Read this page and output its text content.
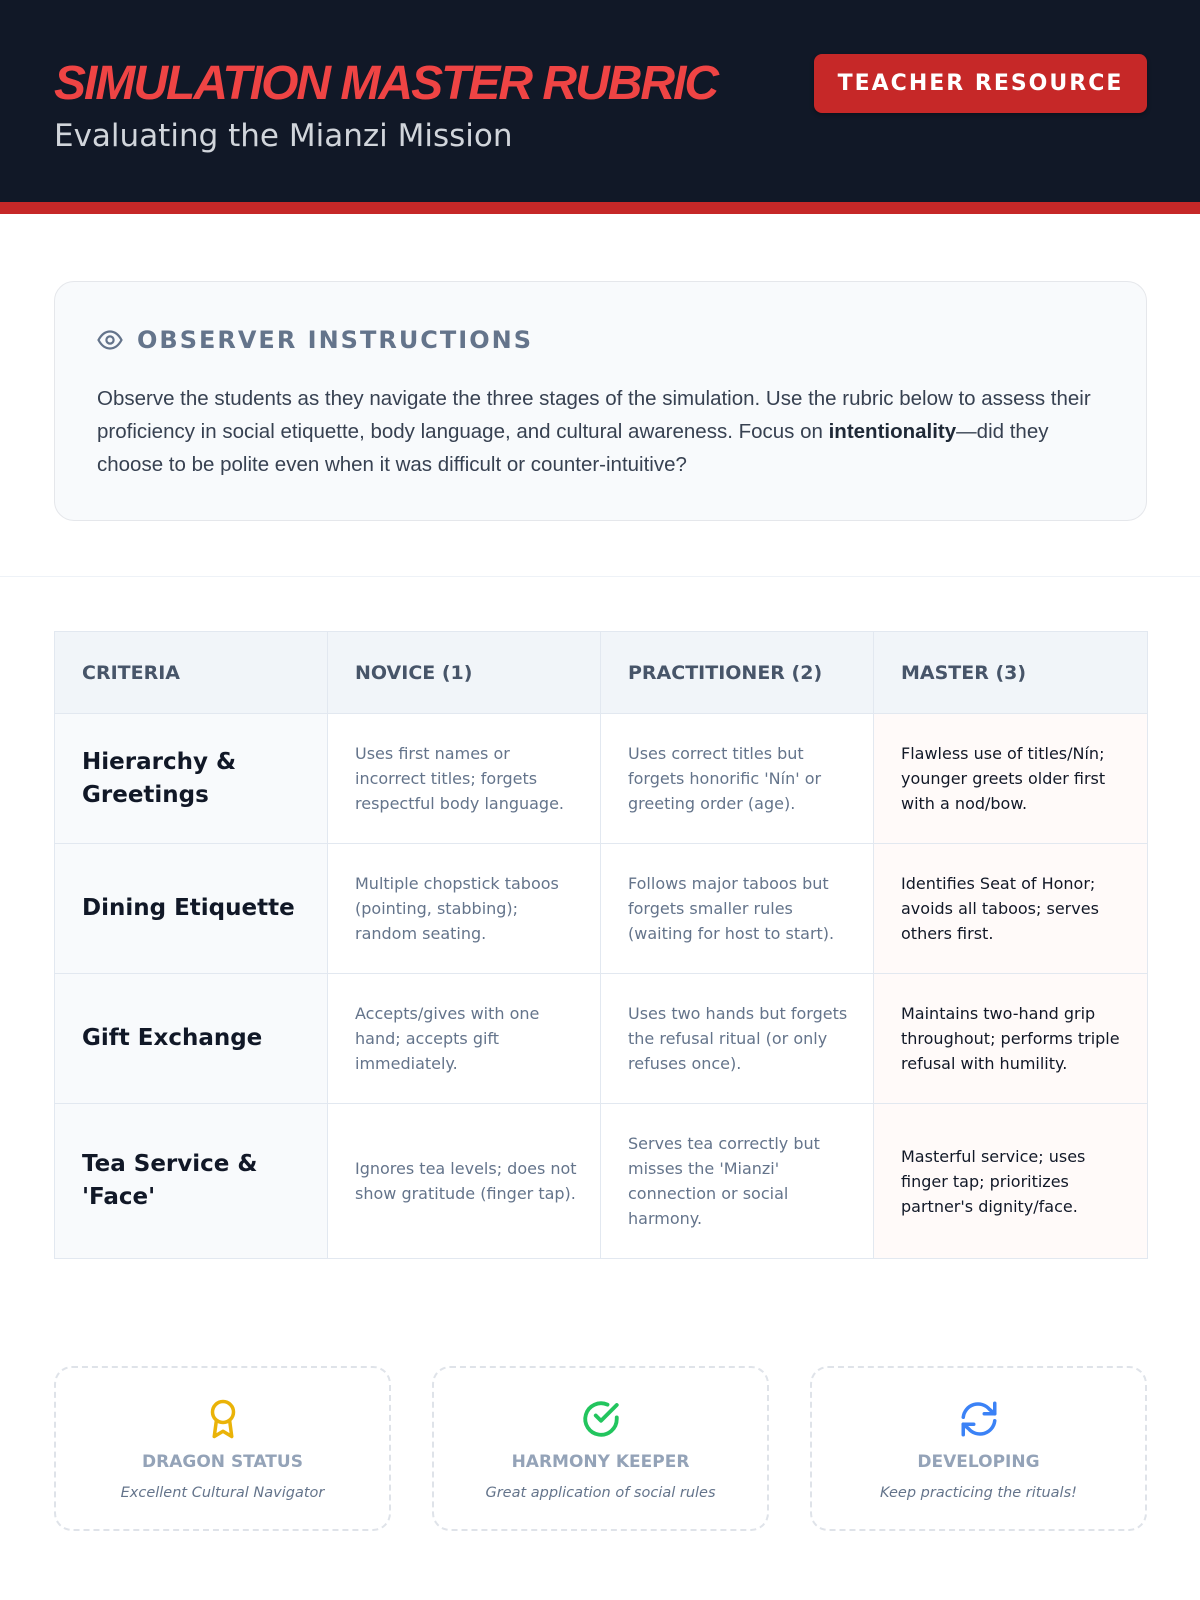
SIMULATION MASTER RUBRIC
Evaluating the Mianzi Mission
TEACHER RESOURCE
OBSERVER INSTRUCTIONS

Observe the students as they navigate the three stages of the simulation. Use the rubric below to assess their proficiency in social etiquette, body language, and cultural awareness. Focus on intentionality—did they choose to be polite even when it was difficult or counter-intuitive?

CRITERIA	NOVICE (1)	PRACTITIONER (2)	MASTER (3)

Hierarchy & Greetings	Uses first names or incorrect titles; forgets respectful body language.	Uses correct titles but forgets honorific 'Nín' or greeting order (age).	Flawless use of titles/Nín; younger greets older first with a nod/bow.

Dining Etiquette	Multiple chopstick taboos (pointing, stabbing); random seating.	Follows major taboos but forgets smaller rules (waiting for host to start).	Identifies Seat of Honor; avoids all taboos; serves others first.

Gift Exchange	Accepts/gives with one hand; accepts gift immediately.	Uses two hands but forgets the refusal ritual (or only refuses once).	Maintains two-hand grip throughout; performs triple refusal with humility.

Tea Service & 'Face'	Ignores tea levels; does not show gratitude (finger tap).	Serves tea correctly but misses the 'Mianzi' connection or social harmony.	Masterful service; uses finger tap; prioritizes partner's dignity/face.
DRAGON STATUS
Excellent Cultural Navigator
HARMONY KEEPER
Great application of social rules
DEVELOPING
Keep practicing the rituals!
